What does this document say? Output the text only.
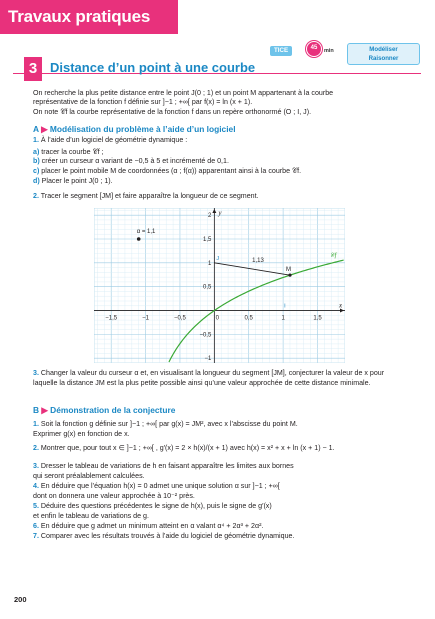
Travaux pratiques
TICE	45	min	Modéliser
Raisonner
3 Distance d’un point à une courbe
On recherche la plus petite distance entre le point J(0 ; 1) et un point M appartenant à la courbe
représentative de la fonction f définie sur ]−1 ; +∞[ par f(x) = ln (x + 1).
On note 𝒞f la courbe représentative de la fonction f dans un repère orthonormé (O ; I, J).
A ▶ Modélisation du problème à l’aide d’un logiciel
1. À l’aide d’un logiciel de géométrie dynamique :
a) tracer la courbe 𝒞f ;
b) créer un curseur α variant de −0,5 à 5 et incrémenté de 0,1.
c) placer le point mobile M de coordonnées (α ; f(α)) apparentant ainsi à la courbe 𝒞f.
d) Placer le point J(0 ; 1).
2. Tracer le segment [JM] et faire apparaître la longueur de ce segment.
−1,5	−1	−0,5	0	0,5	1	1,5
2
1,5
1
0,5
−0,5
−1
x
y
I
J	𝒞f
M
1,13
α = 1,1
3. Changer la valeur du curseur α et, en visualisant la longueur du segment [JM], conjecturer la valeur de x pour
laquelle la distance JM est la plus petite possible ainsi qu’une valeur approchée de cette distance minimale.
B ▶ Démonstration de la conjecture
1. Soit la fonction g définie sur ]−1 ; +∞[ par g(x) = JM², avec x l’abscisse du point M.
Exprimer g(x) en fonction de x.
2. Montrer que, pour tout x ∈ ]−1 ; +∞[ , g′(x) = 2 × h(x)/(x + 1) avec h(x) = x² + x + ln (x + 1) − 1.
3. Dresser le tableau de variations de h en faisant apparaître les limites aux bornes
qui seront préalablement calculées.
4. En déduire que l’équation h(x) = 0 admet une unique solution α sur ]−1 ; +∞[
dont on donnera une valeur approchée à 10⁻² près.
5. Déduire des questions précédentes le signe de h(x), puis le signe de g′(x)
et enfin le tableau de variations de g.
6. En déduire que g admet un minimum atteint en α valant α⁴ + 2α³ + 2α².
7. Comparer avec les résultats trouvés à l’aide du logiciel de géométrie dynamique.
200
